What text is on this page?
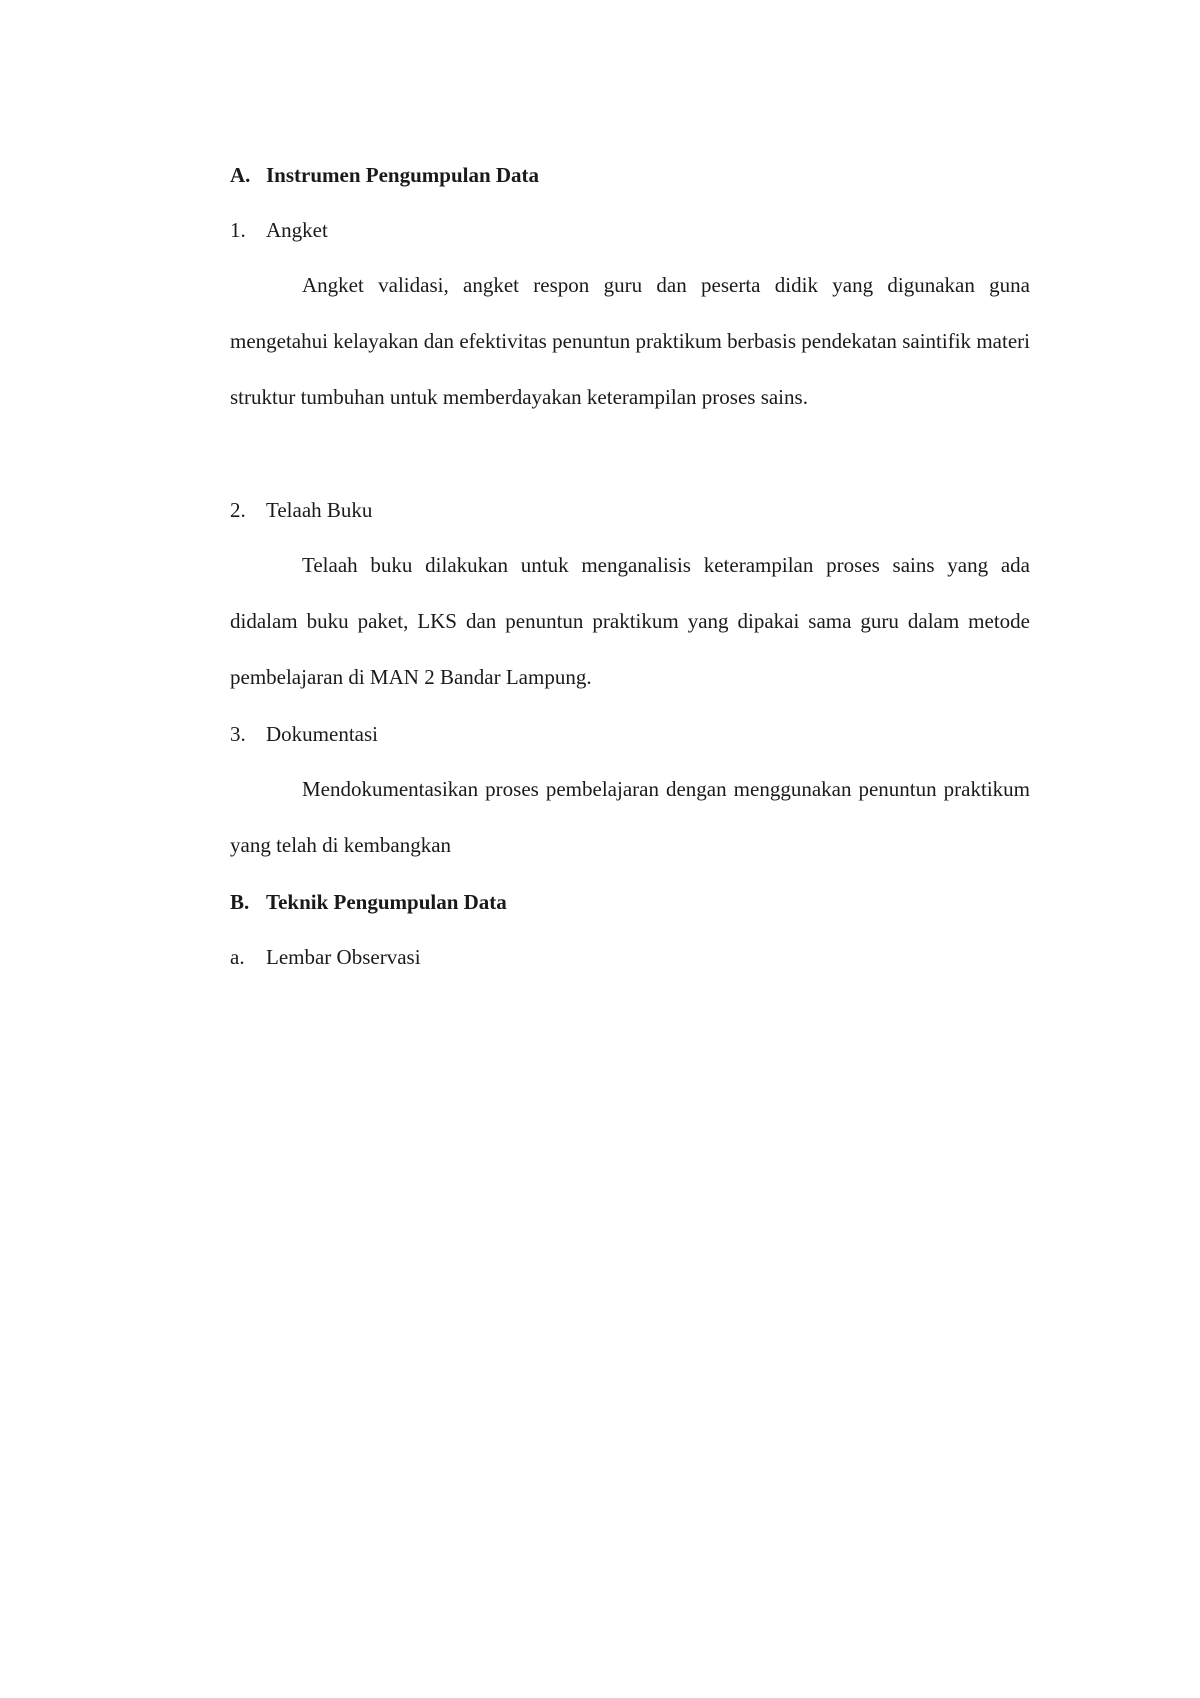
A. Instrumen Pengumpulan Data
1. Angket
Angket validasi, angket respon guru dan peserta didik yang digunakan guna mengetahui kelayakan dan efektivitas penuntun praktikum berbasis pendekatan saintifik materi struktur tumbuhan untuk memberdayakan keterampilan proses sains.
2. Telaah Buku
Telaah buku dilakukan untuk menganalisis keterampilan proses sains yang ada didalam buku paket, LKS dan penuntun praktikum yang dipakai sama guru dalam metode pembelajaran di MAN 2 Bandar Lampung.
3. Dokumentasi
Mendokumentasikan proses pembelajaran dengan menggunakan penuntun praktikum yang telah di kembangkan
B. Teknik Pengumpulan Data
a.	Lembar Observasi
